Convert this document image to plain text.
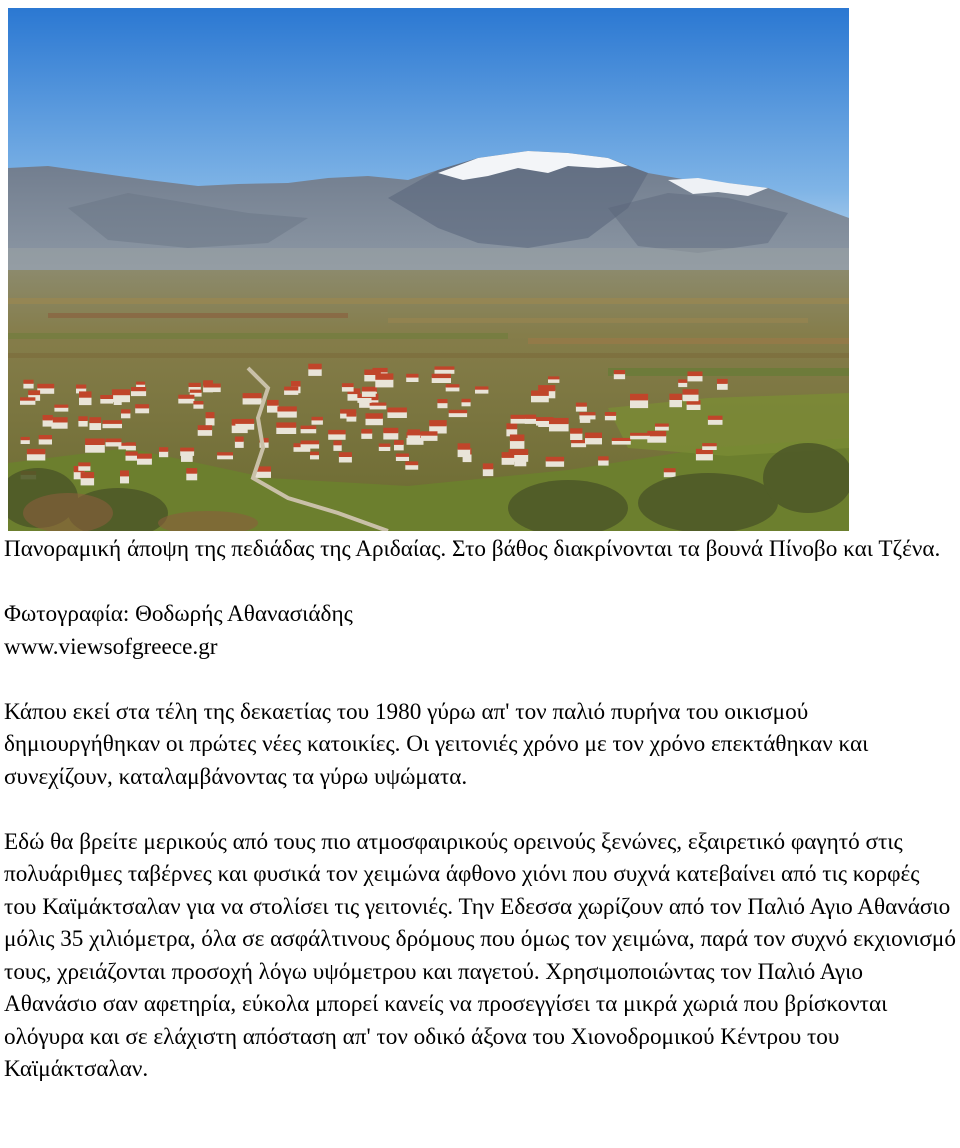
Πανοραμική άποψη της πεδιάδας της Αριδαίας. Στο βάθος διακρίνονται τα βουνά Πίνοβο και Τζένα.

Φωτογραφία: Θοδωρής Αθανασιάδης

www.viewsofgreece.gr

Κάπου εκεί στα τέλη της δεκαετίας του 1980 γύρω απ' τον παλιό πυρήνα του οικισμού δημιουργήθηκαν οι πρώτες νέες κατοικίες. Οι γειτονιές χρόνο με τον χρόνο επεκτάθηκαν και συνεχίζουν, καταλαμβάνοντας τα γύρω υψώματα.

Εδώ θα βρείτε μερικούς από τους πιο ατμοσφαιρικούς ορεινούς ξενώνες, εξαιρετικό φαγητό στις πολυάριθμες ταβέρνες και φυσικά τον χειμώνα άφθονο χιόνι που συχνά κατεβαίνει από τις κορφές του Καϊμάκτσαλαν για να στολίσει τις γειτονιές. Την Εδεσσα χωρίζουν από τον Παλιό Αγιο Αθανάσιο μόλις 35 χιλιόμετρα, όλα σε ασφάλτινους δρόμους που όμως τον χειμώνα, παρά τον συχνό εκχιονισμό τους, χρειάζονται προσοχή λόγω υψόμετρου και παγετού. Χρησιμοποιώντας τον Παλιό Αγιο Αθανάσιο σαν αφετηρία, εύκολα μπορεί κανείς να προσεγγίσει τα μικρά χωριά που βρίσκονται ολόγυρα και σε ελάχιστη απόσταση απ' τον οδικό άξονα του Χιονοδρομικού Κέντρου του Καϊμάκτσαλαν.
